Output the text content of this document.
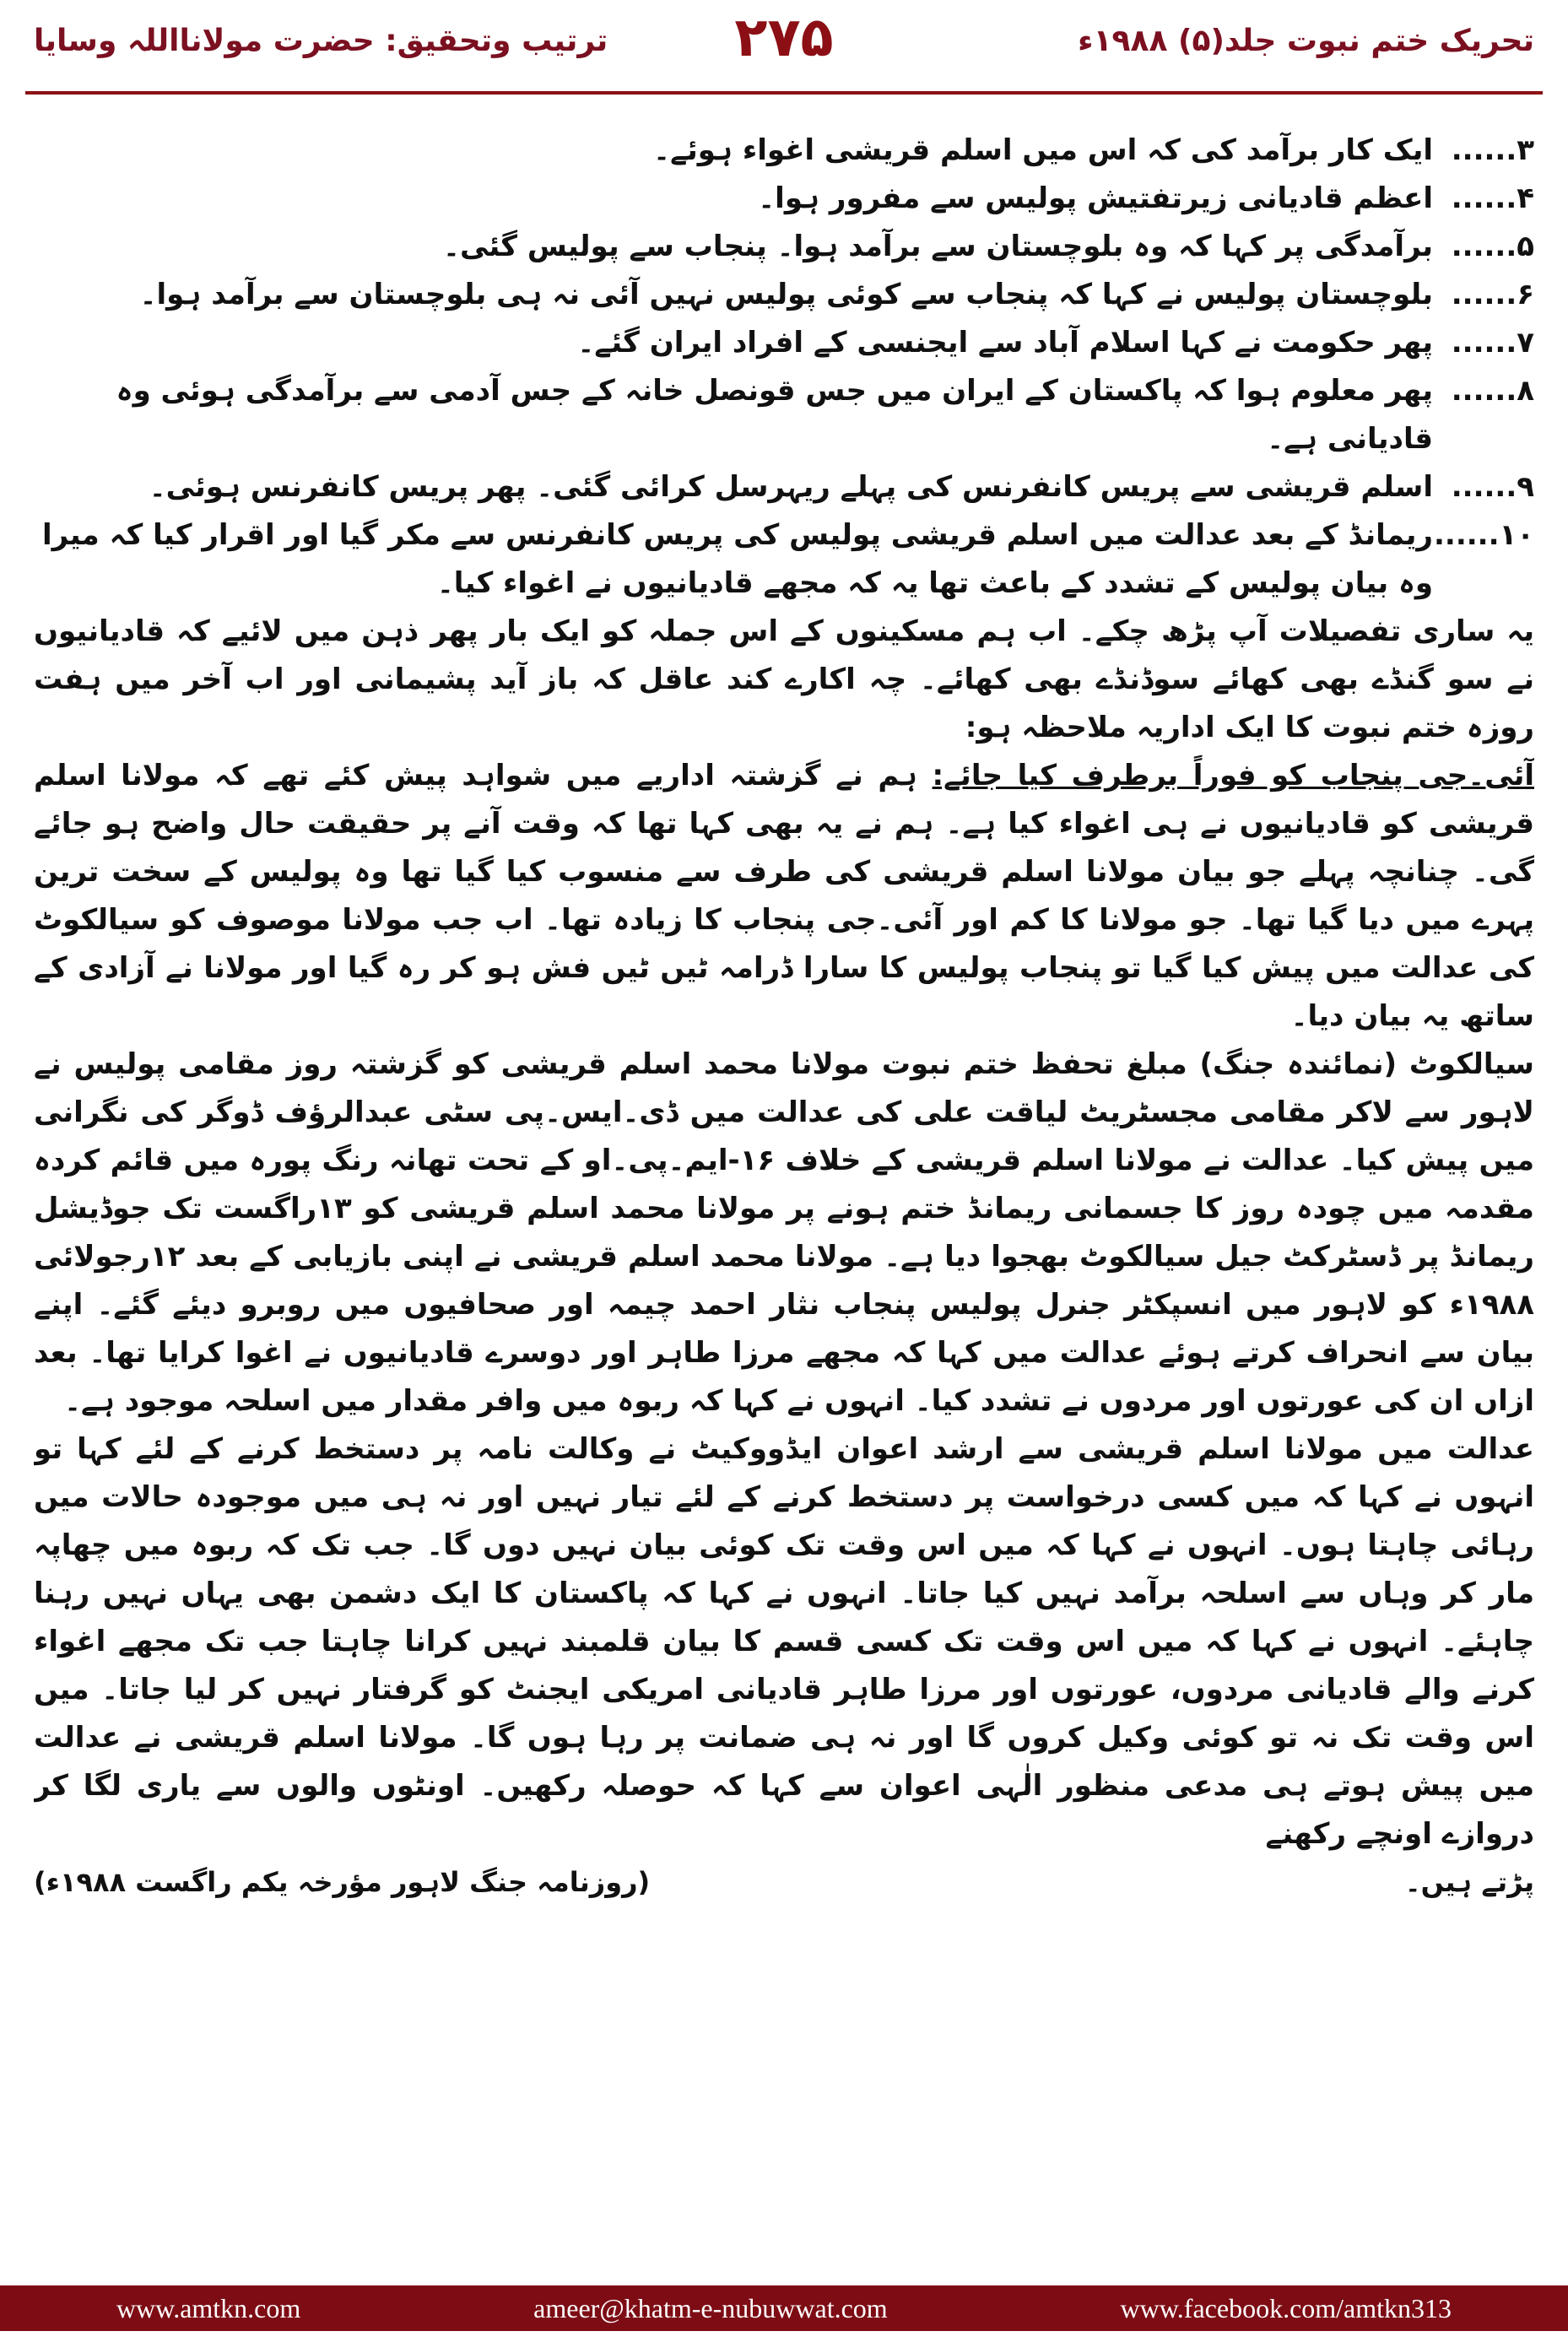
تحریک ختم نبوت جلد(۵) ۱۹۸۸ء
۲۷۵
ترتیب وتحقیق: حضرت مولانااللہ وسایا
۳......
ایک کار برآمد کی کہ اس میں اسلم قریشی اغواء ہوئے۔
۴......
اعظم قادیانی زیرتفتیش پولیس سے مفرور ہوا۔
۵......
برآمدگی پر کہا کہ وہ بلوچستان سے برآمد ہوا۔ پنجاب سے پولیس گئی۔
۶......
بلوچستان پولیس نے کہا کہ پنجاب سے کوئی پولیس نہیں آئی نہ ہی بلوچستان سے برآمد ہوا۔
۷......
پھر حکومت نے کہا اسلام آباد سے ایجنسی کے افراد ایران گئے۔
۸......
پھر معلوم ہوا کہ پاکستان کے ایران میں جس قونصل خانہ کے جس آدمی سے برآمدگی ہوئی وہ قادیانی ہے۔
۹......
اسلم قریشی سے پریس کانفرنس کی پہلے ریہرسل کرائی گئی۔ پھر پریس کانفرنس ہوئی۔
۱۰......
ریمانڈ کے بعد عدالت میں اسلم قریشی پولیس کی پریس کانفرنس سے مکر گیا اور اقرار کیا کہ میرا وہ بیان پولیس کے تشدد کے باعث تھا یہ کہ مجھے قادیانیوں نے اغواء کیا۔

یہ ساری تفصیلات آپ پڑھ چکے۔ اب ہم مسکینوں کے اس جملہ کو ایک بار پھر ذہن میں لائیے کہ قادیانیوں نے سو گنڈے بھی کھائے سوڈنڈے بھی کھائے۔ چہ اکارے کند عاقل کہ باز آید پشیمانی اور اب آخر میں ہفت روزہ ختم نبوت کا ایک اداریہ ملاحظہ ہو:

آئی۔جی پنجاب کو فوراً برطرف کیا جائے: ہم نے گزشتہ اداریے میں شواہد پیش کئے تھے کہ مولانا اسلم قریشی کو قادیانیوں نے ہی اغواء کیا ہے۔ ہم نے یہ بھی کہا تھا کہ وقت آنے پر حقیقت حال واضح ہو جائے گی۔ چنانچہ پہلے جو بیان مولانا اسلم قریشی کی طرف سے منسوب کیا گیا تھا وہ پولیس کے سخت ترین پہرے میں دیا گیا تھا۔ جو مولانا کا کم اور آئی۔جی پنجاب کا زیادہ تھا۔ اب جب مولانا موصوف کو سیالکوٹ کی عدالت میں پیش کیا گیا تو پنجاب پولیس کا سارا ڈرامہ ٹیں ٹیں فش ہو کر رہ گیا اور مولانا نے آزادی کے ساتھ یہ بیان دیا۔

سیالکوٹ (نمائندہ جنگ) مبلغ تحفظ ختم نبوت مولانا محمد اسلم قریشی کو گزشتہ روز مقامی پولیس نے لاہور سے لاکر مقامی مجسٹریٹ لیاقت علی کی عدالت میں ڈی۔ایس۔پی سٹی عبدالرؤف ڈوگر کی نگرانی میں پیش کیا۔ عدالت نے مولانا اسلم قریشی کے خلاف ۱۶-ایم۔پی۔او کے تحت تھانہ رنگ پورہ میں قائم کردہ مقدمہ میں چودہ روز کا جسمانی ریمانڈ ختم ہونے پر مولانا محمد اسلم قریشی کو ۱۳راگست تک جوڈیشل ریمانڈ پر ڈسٹرکٹ جیل سیالکوٹ بھجوا دیا ہے۔ مولانا محمد اسلم قریشی نے اپنی بازیابی کے بعد ۱۲رجولائی ۱۹۸۸ء کو لاہور میں انسپکٹر جنرل پولیس پنجاب نثار احمد چیمہ اور صحافیوں میں روبرو دیئے گئے۔ اپنے بیان سے انحراف کرتے ہوئے عدالت میں کہا کہ مجھے مرزا طاہر اور دوسرے قادیانیوں نے اغوا کرایا تھا۔ بعد ازاں ان کی عورتوں اور مردوں نے تشدد کیا۔ انہوں نے کہا کہ ربوہ میں وافر مقدار میں اسلحہ موجود ہے۔

عدالت میں مولانا اسلم قریشی سے ارشد اعوان ایڈووکیٹ نے وکالت نامہ پر دستخط کرنے کے لئے کہا تو انہوں نے کہا کہ میں کسی درخواست پر دستخط کرنے کے لئے تیار نہیں اور نہ ہی میں موجودہ حالات میں رہائی چاہتا ہوں۔ انہوں نے کہا کہ میں اس وقت تک کوئی بیان نہیں دوں گا۔ جب تک کہ ربوہ میں چھاپہ مار کر وہاں سے اسلحہ برآمد نہیں کیا جاتا۔ انہوں نے کہا کہ پاکستان کا ایک دشمن بھی یہاں نہیں رہنا چاہئے۔ انہوں نے کہا کہ میں اس وقت تک کسی قسم کا بیان قلمبند نہیں کرانا چاہتا جب تک مجھے اغواء کرنے والے قادیانی مردوں، عورتوں اور مرزا طاہر قادیانی امریکی ایجنٹ کو گرفتار نہیں کر لیا جاتا۔ میں اس وقت تک نہ تو کوئی وکیل کروں گا اور نہ ہی ضمانت پر رہا ہوں گا۔ مولانا اسلم قریشی نے عدالت میں پیش ہوتے ہی مدعی منظور الٰہی اعوان سے کہا کہ حوصلہ رکھیں۔ اونٹوں والوں سے یاری لگا کر دروازے اونچے رکھنے

پڑتے ہیں۔
(روزنامہ جنگ لاہور مؤرخہ یکم راگست ۱۹۸۸ء)
www.amtkn.com	ameer@khatm-e-nubuwwat.com	www.facebook.com/amtkn313
